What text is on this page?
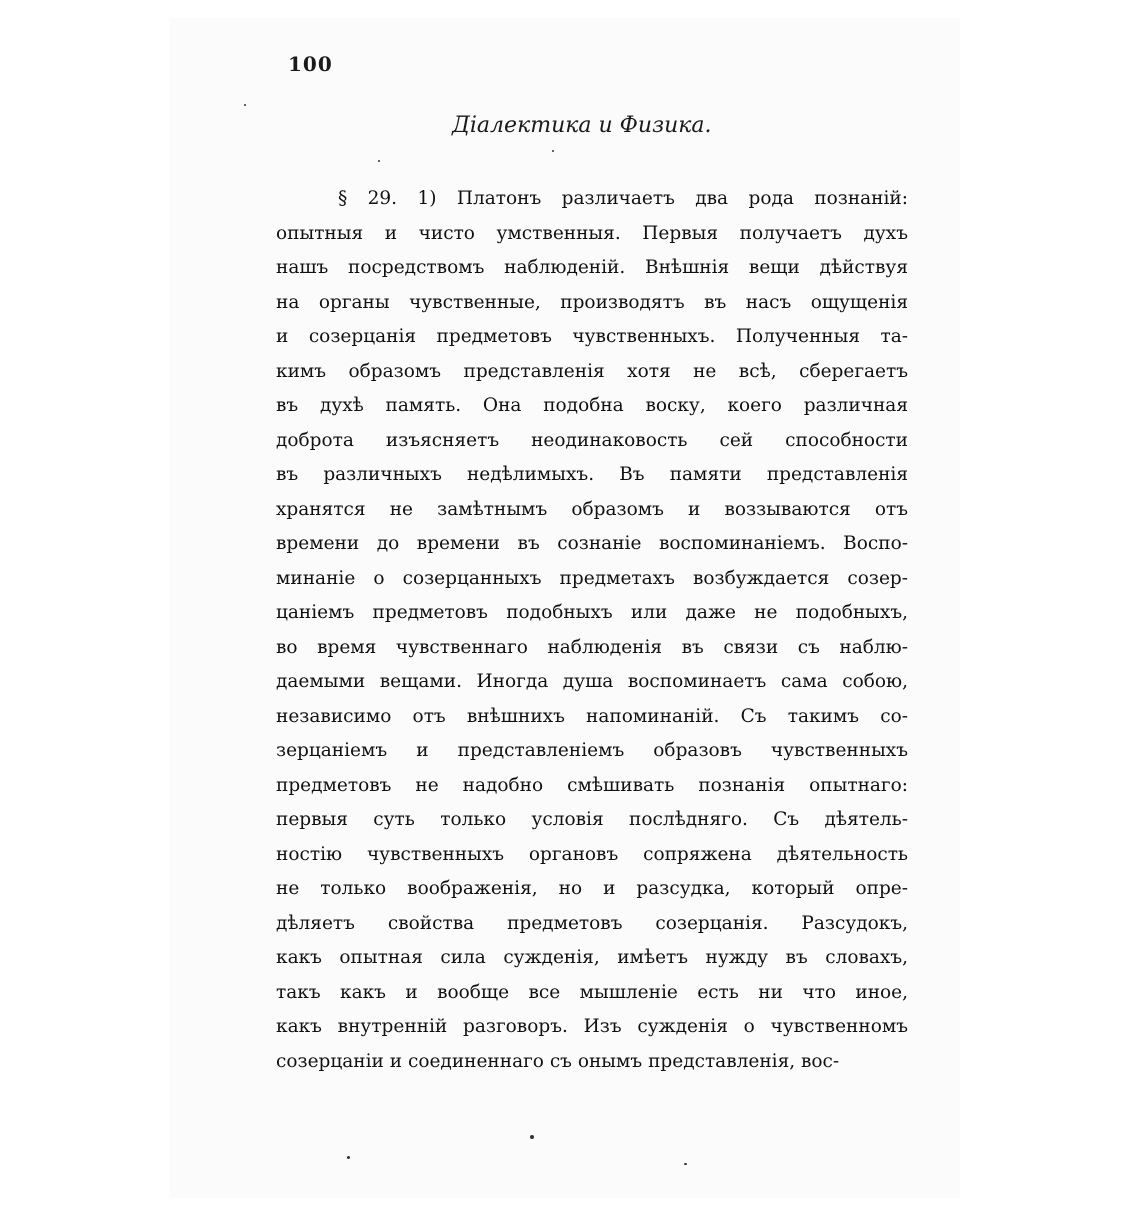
100
Діалектика и Физика.
§ 29. 1) Платонъ различаетъ два рода познаній:
опытныя и чисто умственныя. Первыя получаетъ духъ
нашъ посредствомъ наблюденій. Внѣшнія вещи дѣйствуя
на органы чувственные, производятъ въ насъ ощущенія
и созерцанія предметовъ чувственныхъ. Полученныя та-
кимъ образомъ представленія хотя не всѣ, сберегаетъ
въ духѣ память. Она подобна воску, коего различная
доброта изъясняетъ неодинаковость сей способности
въ различныхъ недѣлимыхъ. Въ памяти представленія
хранятся не замѣтнымъ образомъ и воззываются отъ
времени до времени въ сознаніе воспоминаніемъ. Воспо-
минаніе о созерцанныхъ предметахъ возбуждается созер-
цаніемъ предметовъ подобныхъ или даже не подобныхъ,
во время чувственнаго наблюденія въ связи съ наблю-
даемыми вещами. Иногда душа воспоминаетъ сама собою,
независимо отъ внѣшнихъ напоминаній. Съ такимъ со-
зерцаніемъ и представленіемъ образовъ чувственныхъ
предметовъ не надобно смѣшивать познанія опытнаго:
первыя суть только условія послѣдняго. Съ дѣятель-
ностію чувственныхъ органовъ сопряжена дѣятельность
не только воображенія, но и разсудка, который опре-
дѣляетъ свойства предметовъ созерцанія. Разсудокъ,
какъ опытная сила сужденія, имѣетъ нужду въ словахъ,
такъ какъ и вообще все мышленіе есть ни что иное,
какъ внутренній разговоръ. Изъ сужденія о чувственномъ
созерцаніи и соединеннаго съ онымъ представленія, вос-
